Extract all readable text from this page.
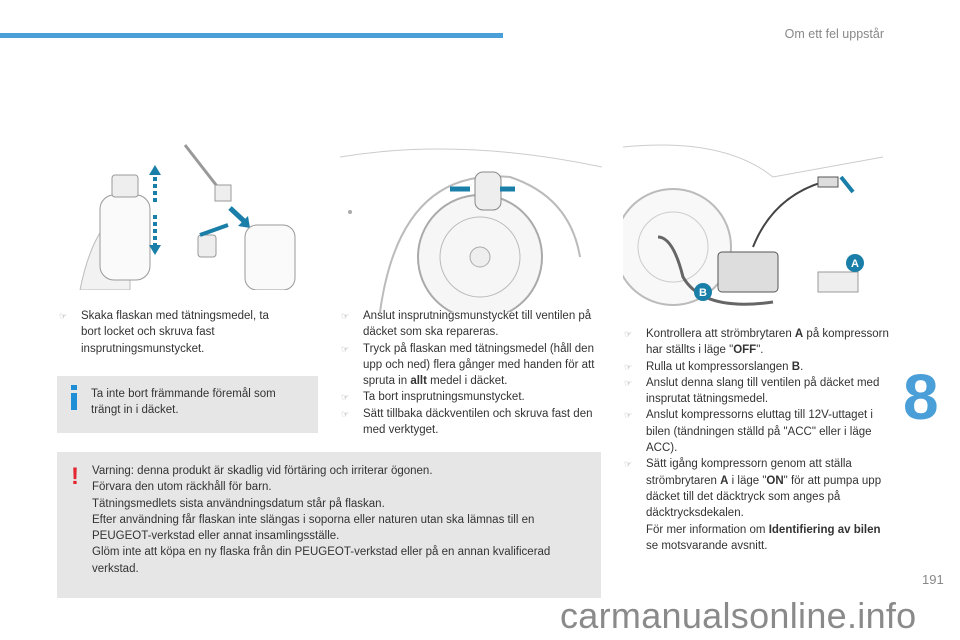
Om ett fel uppstår
8
191
A
B
☞ Skaka flaskan med tätningsmedel, ta bort locket och skruva fast insprutningsmunstycket.
Ta inte bort främmande föremål som trängt in i däcket.
☞ Anslut insprutningsmunstycket till ventilen på däcket som ska repareras.
☞ Tryck på flaskan med tätningsmedel (håll den upp och ned) flera gånger med handen för att spruta in allt medel i däcket.
☞ Ta bort insprutningsmunstycket.
☞ Sätt tillbaka däckventilen och skruva fast den med verktyget.
☞ Kontrollera att strömbrytaren A på kompressorn har ställts i läge "OFF".
☞ Rulla ut kompressorslangen B.
☞ Anslut denna slang till ventilen på däcket med insprutat tätningsmedel.
☞ Anslut kompressorns eluttag till 12V-uttaget i bilen (tändningen ställd på "ACC" eller i läge ACC).
☞ Sätt igång kompressorn genom att ställa strömbrytaren A i läge "ON" för att pumpa upp däcket till det däcktryck som anges på däcktrycksdekalen.
För mer information om Identifiering av bilen se motsvarande avsnitt.
! Varning: denna produkt är skadlig vid förtäring och irriterar ögonen.
Förvara den utom räckhåll för barn.
Tätningsmedlets sista användningsdatum står på flaskan.
Efter användning får flaskan inte slängas i soporna eller naturen utan ska lämnas till en PEUGEOT-verkstad eller annat insamlingsställe.
Glöm inte att köpa en ny flaska från din PEUGEOT-verkstad eller på en annan kvalificerad verkstad.
carmanualsonline.info
